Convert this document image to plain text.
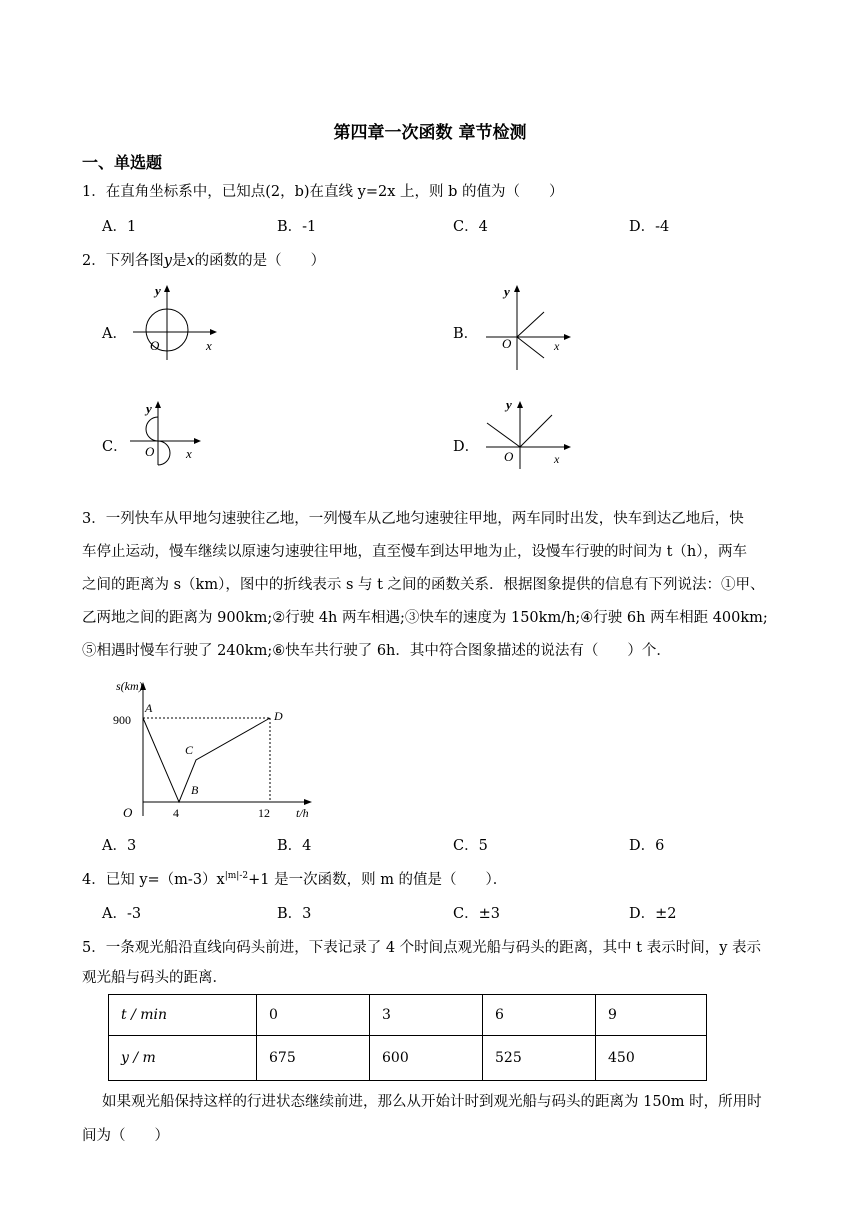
第四章一次函数 章节检测
一、单选题
1．在直角坐标系中，已知点(2，b)在直线 y=2x 上，则 b 的值为（　　）
A．1	B．-1	C．4	D．-4
2．下列各图y是x的函数的是（　　）
A．	B．
C．	D．
y
x
O
y
x
O
y
x
O
y
x
O
3．一列快车从甲地匀速驶往乙地，一列慢车从乙地匀速驶往甲地，两车同时出发，快车到达乙地后，快
车停止运动，慢车继续以原速匀速驶往甲地，直至慢车到达甲地为止，设慢车行驶的时间为 t（h），两车
之间的距离为 s（km），图中的折线表示 s 与 t 之间的函数关系．根据图象提供的信息有下列说法：①甲、
乙两地之间的距离为 900km;②行驶 4h 两车相遇;③快车的速度为 150km/h;④行驶 6h 两车相距 400km;
⑤相遇时慢车行驶了 240km;⑥快车共行驶了 6h．其中符合图象描述的说法有（　　）个．
s(km)
t/h
900
4	12
O
A
B
C
D
A．3	B．4	C．5	D．6
4．已知 $y=(m-3)x^{|m|-2}+1$ 是一次函数，则 m 的值是（　　）．
A．-3	B．3	C．±3	D．±2
5．一条观光船沿直线向码头前进，下表记录了 4 个时间点观光船与码头的距离，其中 t 表示时间，y 表示
观光船与码头的距离．
t / min	0	3	6	9
y / m	675	600	525	450
如果观光船保持这样的行进状态继续前进，那么从开始计时到观光船与码头的距离为 150m 时，所用时
间为（　　）
